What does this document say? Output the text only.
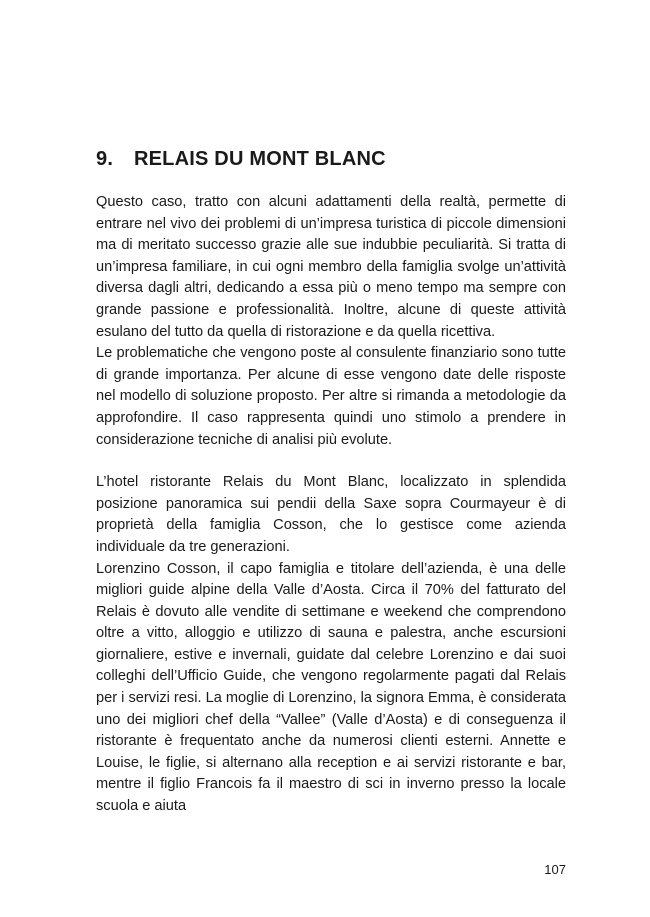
9.	RELAIS DU MONT BLANC

Questo caso, tratto con alcuni adattamenti della realtà, permette di entrare nel vivo dei problemi di un’impresa turistica di piccole dimensioni ma di meritato successo grazie alle sue indubbie peculiarità. Si tratta di un’impresa familiare, in cui ogni membro della famiglia svolge un’attività diversa dagli altri, dedicando a essa più o meno tempo ma sempre con grande passione e professionalità. Inoltre, alcune di queste attività esulano del tutto da quella di ristorazione e da quella ricettiva.

Le problematiche che vengono poste al consulente finanziario sono tutte di grande importanza. Per alcune di esse vengono date delle risposte nel modello di soluzione proposto. Per altre si rimanda a metodologie da approfondire. Il caso rappresenta quindi uno stimolo a prendere in considerazione tecniche di analisi più evolute.

L’hotel ristorante Relais du Mont Blanc, localizzato in splendida posizione panoramica sui pendii della Saxe sopra Courmayeur è di proprietà della famiglia Cosson, che lo gestisce come azienda individuale da tre generazioni.

Lorenzino Cosson, il capo famiglia e titolare dell’azienda, è una delle migliori guide alpine della Valle d’Aosta. Circa il 70% del fatturato del Relais è dovuto alle vendite di settimane e weekend che comprendono oltre a vitto, alloggio e utilizzo di sauna e palestra, anche escursioni giornaliere, estive e invernali, guidate dal celebre Lorenzino e dai suoi colleghi dell’Ufficio Guide, che vengono regolarmente pagati dal Relais per i servizi resi. La moglie di Lorenzino, la signora Emma, è considerata uno dei migliori chef della “Vallee” (Valle d’Aosta) e di conseguenza il ristorante è frequentato anche da numerosi clienti esterni. Annette e Louise, le figlie, si alternano alla reception e ai servizi ristorante e bar, mentre il figlio Francois fa il maestro di sci in inverno presso la locale scuola e aiuta

107
